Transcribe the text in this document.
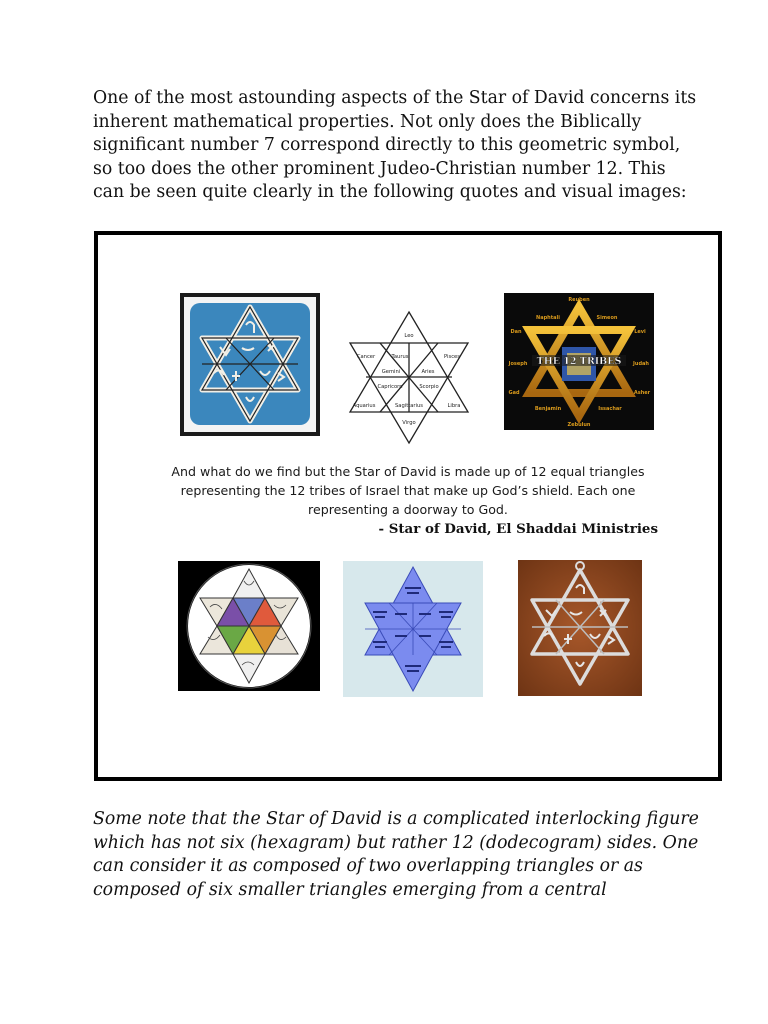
One of the most astounding aspects of the Star of David concerns its
inherent mathematical properties. Not only does the Biblically
significant number 7 correspond directly to this geometric symbol,
so too does the other prominent Judeo-Christian number 12. This
can be seen quite clearly in the following quotes and visual images:

Leo
Cancer	Taurus	Pisces
Gemini	Aries
Capricorn	Scorpio
Aquarius	Sagittarius	Libra
Virgo
THE 12 TRIBES
Reuben
Naphtali	Simeon
Dan	Levi
Joseph	Judah
Gad	Asher
Benjamin	Issachar
Zebulun
And what do we find but the Star of David is made up of 12 equal triangles
representing the 12 tribes of Israel that make up God’s shield. Each one
representing a doorway to God.
- Star of David, El Shaddai Ministries

Some note that the Star of David is a complicated interlocking figure
which has not six (hexagram) but rather 12 (dodecogram) sides. One
can consider it as composed of two overlapping triangles or as
composed of six smaller triangles emerging from a central
